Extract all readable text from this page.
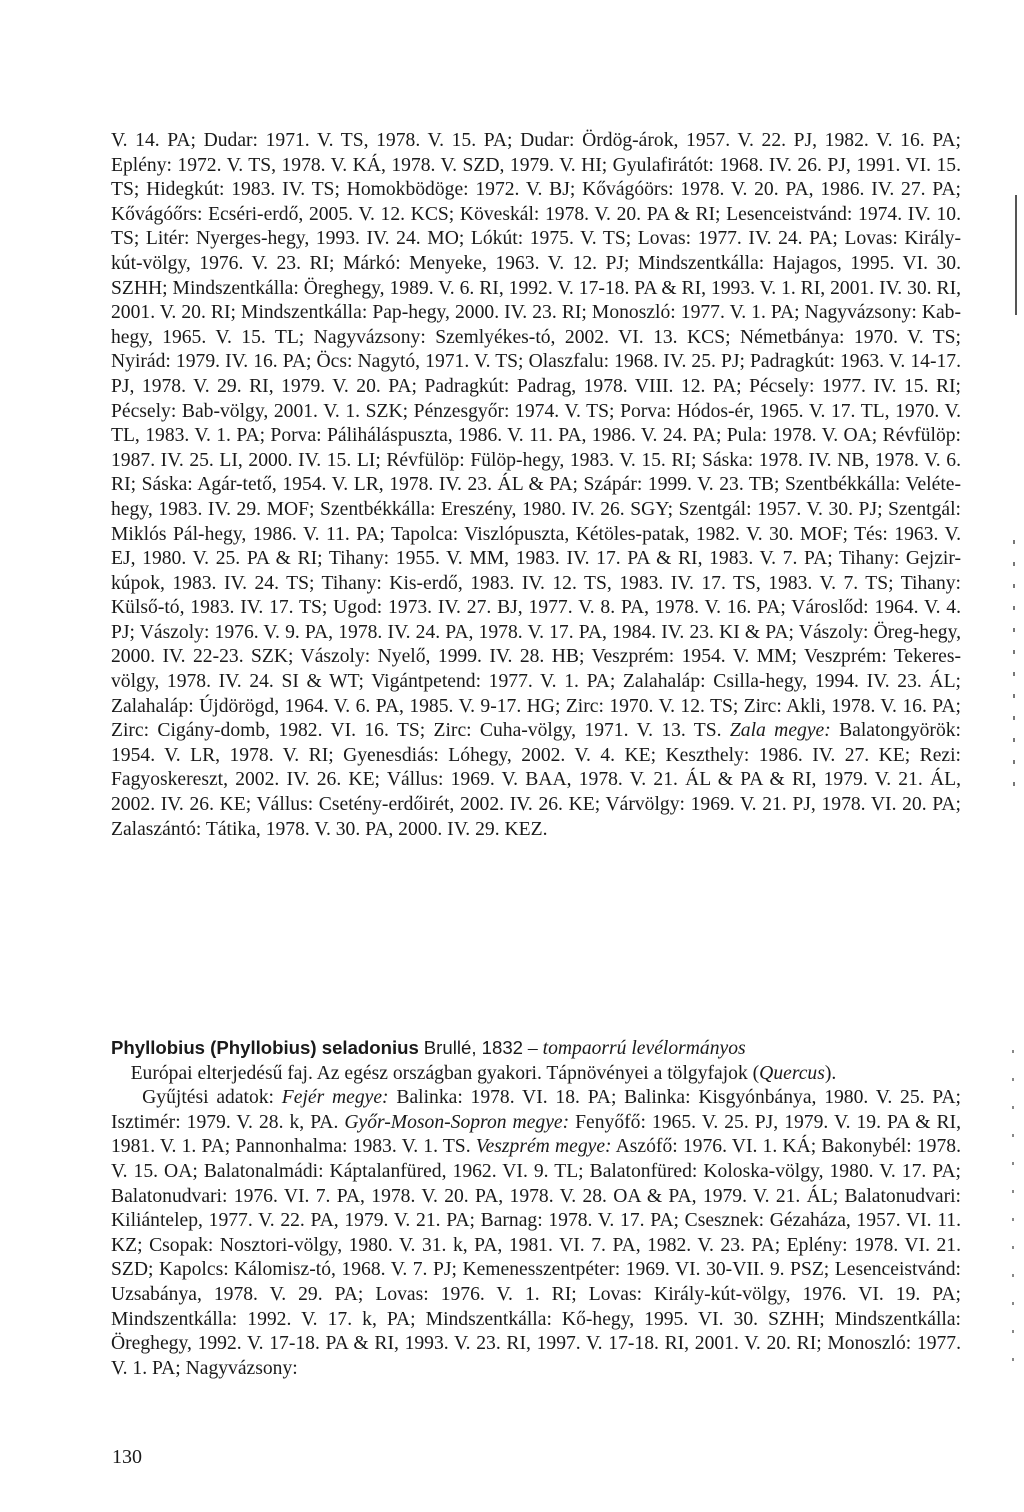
V. 14. PA; Dudar: 1971. V. TS, 1978. V. 15. PA; Dudar: Ördög-árok, 1957. V. 22. PJ, 1982. V. 16. PA; Eplény: 1972. V. TS, 1978. V. KÁ, 1978. V. SZD, 1979. V. HI; Gyulafirátót: 1968. IV. 26. PJ, 1991. VI. 15. TS; Hidegkút: 1983. IV. TS; Homokbödöge: 1972. V. BJ; Kővágóörs: 1978. V. 20. PA, 1986. IV. 27. PA; Kővágóőrs: Ecséri-erdő, 2005. V. 12. KCS; Köveskál: 1978. V. 20. PA & RI; Lesenceistvánd: 1974. IV. 10. TS; Litér: Nyerges-hegy, 1993. IV. 24. MO; Lókút: 1975. V. TS; Lovas: 1977. IV. 24. PA; Lovas: Király-kút-völgy, 1976. V. 23. RI; Márkó: Menyeke, 1963. V. 12. PJ; Mindszentkálla: Hajagos, 1995. VI. 30. SZHH; Mindszentkálla: Öreghegy, 1989. V. 6. RI, 1992. V. 17-18. PA & RI, 1993. V. 1. RI, 2001. IV. 30. RI, 2001. V. 20. RI; Mindszentkálla: Pap-hegy, 2000. IV. 23. RI; Monoszló: 1977. V. 1. PA; Nagyvázsony: Kab-hegy, 1965. V. 15. TL; Nagyvázsony: Szemlyékes-tó, 2002. VI. 13. KCS; Németbánya: 1970. V. TS; Nyirád: 1979. IV. 16. PA; Öcs: Nagytó, 1971. V. TS; Olaszfalu: 1968. IV. 25. PJ; Padragkút: 1963. V. 14-17. PJ, 1978. V. 29. RI, 1979. V. 20. PA; Padragkút: Padrag, 1978. VIII. 12. PA; Pécsely: 1977. IV. 15. RI; Pécsely: Bab-völgy, 2001. V. 1. SZK; Pénzesgyőr: 1974. V. TS; Porva: Hódos-ér, 1965. V. 17. TL, 1970. V. TL, 1983. V. 1. PA; Porva: Páliháláspuszta, 1986. V. 11. PA, 1986. V. 24. PA; Pula: 1978. V. OA; Révfülöp: 1987. IV. 25. LI, 2000. IV. 15. LI; Révfülöp: Fülöp-hegy, 1983. V. 15. RI; Sáska: 1978. IV. NB, 1978. V. 6. RI; Sáska: Agár-tető, 1954. V. LR, 1978. IV. 23. ÁL & PA; Szápár: 1999. V. 23. TB; Szentbékkálla: Velétehegy, 1983. IV. 29. MOF; Szentbékkálla: Ereszény, 1980. IV. 26. SGY; Szentgál: 1957. V. 30. PJ; Szentgál: Miklós Pál-hegy, 1986. V. 11. PA; Tapolca: Viszlópuszta, Kétöles-patak, 1982. V. 30. MOF; Tés: 1963. V. EJ, 1980. V. 25. PA & RI; Tihany: 1955. V. MM, 1983. IV. 17. PA & RI, 1983. V. 7. PA; Tihany: Gejzir-kúpok, 1983. IV. 24. TS; Tihany: Kis-erdő, 1983. IV. 12. TS, 1983. IV. 17. TS, 1983. V. 7. TS; Tihany: Külső-tó, 1983. IV. 17. TS; Ugod: 1973. IV. 27. BJ, 1977. V. 8. PA, 1978. V. 16. PA; Városlőd: 1964. V. 4. PJ; Vászoly: 1976. V. 9. PA, 1978. IV. 24. PA, 1978. V. 17. PA, 1984. IV. 23. KI & PA; Vászoly: Öreg-hegy, 2000. IV. 22-23. SZK; Vászoly: Nyelő, 1999. IV. 28. HB; Veszprém: 1954. V. MM; Veszprém: Tekeres-völgy, 1978. IV. 24. SI & WT; Vigántpetend: 1977. V. 1. PA; Zalahaláp: Csilla-hegy, 1994. IV. 23. ÁL; Zalahaláp: Újdörögd, 1964. V. 6. PA, 1985. V. 9-17. HG; Zirc: 1970. V. 12. TS; Zirc: Akli, 1978. V. 16. PA; Zirc: Cigány-domb, 1982. VI. 16. TS; Zirc: Cuha-völgy, 1971. V. 13. TS. Zala megye: Balatongyörök: 1954. V. LR, 1978. V. RI; Gyenesdiás: Lóhegy, 2002. V. 4. KE; Keszthely: 1986. IV. 27. KE; Rezi: Fagyoskereszt, 2002. IV. 26. KE; Vállus: 1969. V. BAA, 1978. V. 21. ÁL & PA & RI, 1979. V. 21. ÁL, 2002. IV. 26. KE; Vállus: Csetény-erdőirét, 2002. IV. 26. KE; Várvölgy: 1969. V. 21. PJ, 1978. VI. 20. PA; Zalaszántó: Tátika, 1978. V. 30. PA, 2000. IV. 29. KEZ.

Phyllobius (Phyllobius) seladonius Brullé, 1832 – tompaorrú levélormányos

Európai elterjedésű faj. Az egész országban gyakori. Tápnövényei a tölgyfajok (Quercus).

Gyűjtési adatok: Fejér megye: Balinka: 1978. VI. 18. PA; Balinka: Kisgyónbánya, 1980. V. 25. PA; Isztimér: 1979. V. 28. k, PA. Győr-Moson-Sopron megye: Fenyőfő: 1965. V. 25. PJ, 1979. V. 19. PA & RI, 1981. V. 1. PA; Pannonhalma: 1983. V. 1. TS. Veszprém megye: Aszófő: 1976. VI. 1. KÁ; Bakonybél: 1978. V. 15. OA; Balatonalmádi: Káptalanfüred, 1962. VI. 9. TL; Balatonfüred: Koloska-völgy, 1980. V. 17. PA; Balatonudvari: 1976. VI. 7. PA, 1978. V. 20. PA, 1978. V. 28. OA & PA, 1979. V. 21. ÁL; Balatonudvari: Kiliántelep, 1977. V. 22. PA, 1979. V. 21. PA; Barnag: 1978. V. 17. PA; Csesznek: Gézaháza, 1957. VI. 11. KZ; Csopak: Nosztori-völgy, 1980. V. 31. k, PA, 1981. VI. 7. PA, 1982. V. 23. PA; Eplény: 1978. VI. 21. SZD; Kapolcs: Kálomisz-tó, 1968. V. 7. PJ; Kemenesszentpéter: 1969. VI. 30-VII. 9. PSZ; Lesenceistvánd: Uzsabánya, 1978. V. 29. PA; Lovas: 1976. V. 1. RI; Lovas: Király-kút-völgy, 1976. VI. 19. PA; Mindszentkálla: 1992. V. 17. k, PA; Mindszentkálla: Kő-hegy, 1995. VI. 30. SZHH; Mindszentkálla: Öreghegy, 1992. V. 17-18. PA & RI, 1993. V. 23. RI, 1997. V. 17-18. RI, 2001. V. 20. RI; Monoszló: 1977. V. 1. PA; Nagyvázsony:

130
